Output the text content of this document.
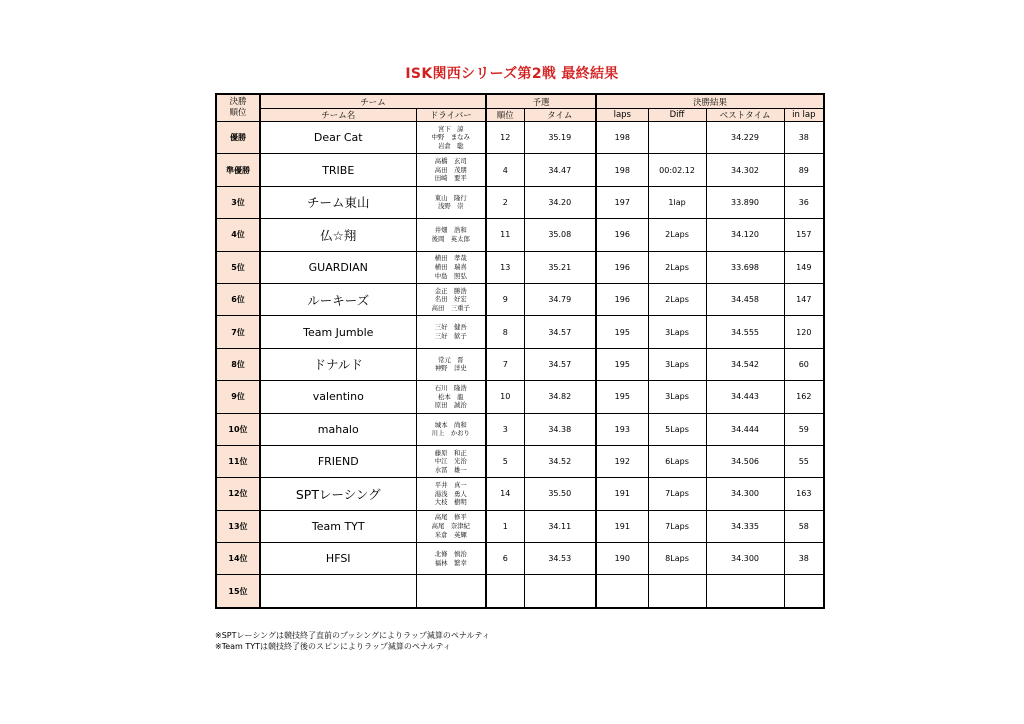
ISK関西シリーズ第2戦 最終結果
決勝
順位	チーム		予選		決勝結果			
	チーム名	ドライバー	順位	タイム	laps	Diff	ベストタイム	in lap
優勝	Dear Cat	宮下　諒
中野　まなみ
岩倉　聡	12	35.19	198		34.229	38
準優勝	TRIBE	高橋　玄司
高田　茂朋
田崎　要平	4	34.47	198	00:02.12	34.302	89
3位	チーム東山	東山　隆行
浅野　崇	2	34.20	197	1lap	33.890	36
4位	仏☆翔	井畑　浩和
後岡　英太郎	11	35.08	196	2Laps	34.120	157
5位	GUARDIAN	横田　孝哉
横田　瑞喜
中島　照弘	13	35.21	196	2Laps	33.698	149
6位	ルーキーズ	金正　勝浩
名田　好宏
高田　三重子	9	34.79	196	2Laps	34.458	147
7位	Team Jumble	三好　健吾
三好　歓子	8	34.57	195	3Laps	34.555	120
8位	ドナルド	常元　晋
神野　洋史	7	34.57	195	3Laps	34.542	60
9位	valentino	石川　隆浩
松本　龍
原田　誠治	10	34.82	195	3Laps	34.443	162
10位	mahalo	城本　尚和
川上　かおり	3	34.38	193	5Laps	34.444	59
11位	FRIEND	藤原　和正
中江　光治
水冨　雄一	5	34.52	192	6Laps	34.506	55
12位	SPTレーシング	平井　真一
湯浅　勇人
大枝　樹明	14	35.50	191	7Laps	34.300	163
13位	Team TYT	高尾　修平
高尾　奈津紀
米倉　英輝	1	34.11	191	7Laps	34.335	58
14位	HFSI	北條　慎治
福林　繁幸	6	34.53	190	8Laps	34.300	38
15位								
※SPTレーシングは競技終了直前のプッシングによりラップ減算のペナルティ
※Team TYTは競技終了後のスピンによりラップ減算のペナルティ
